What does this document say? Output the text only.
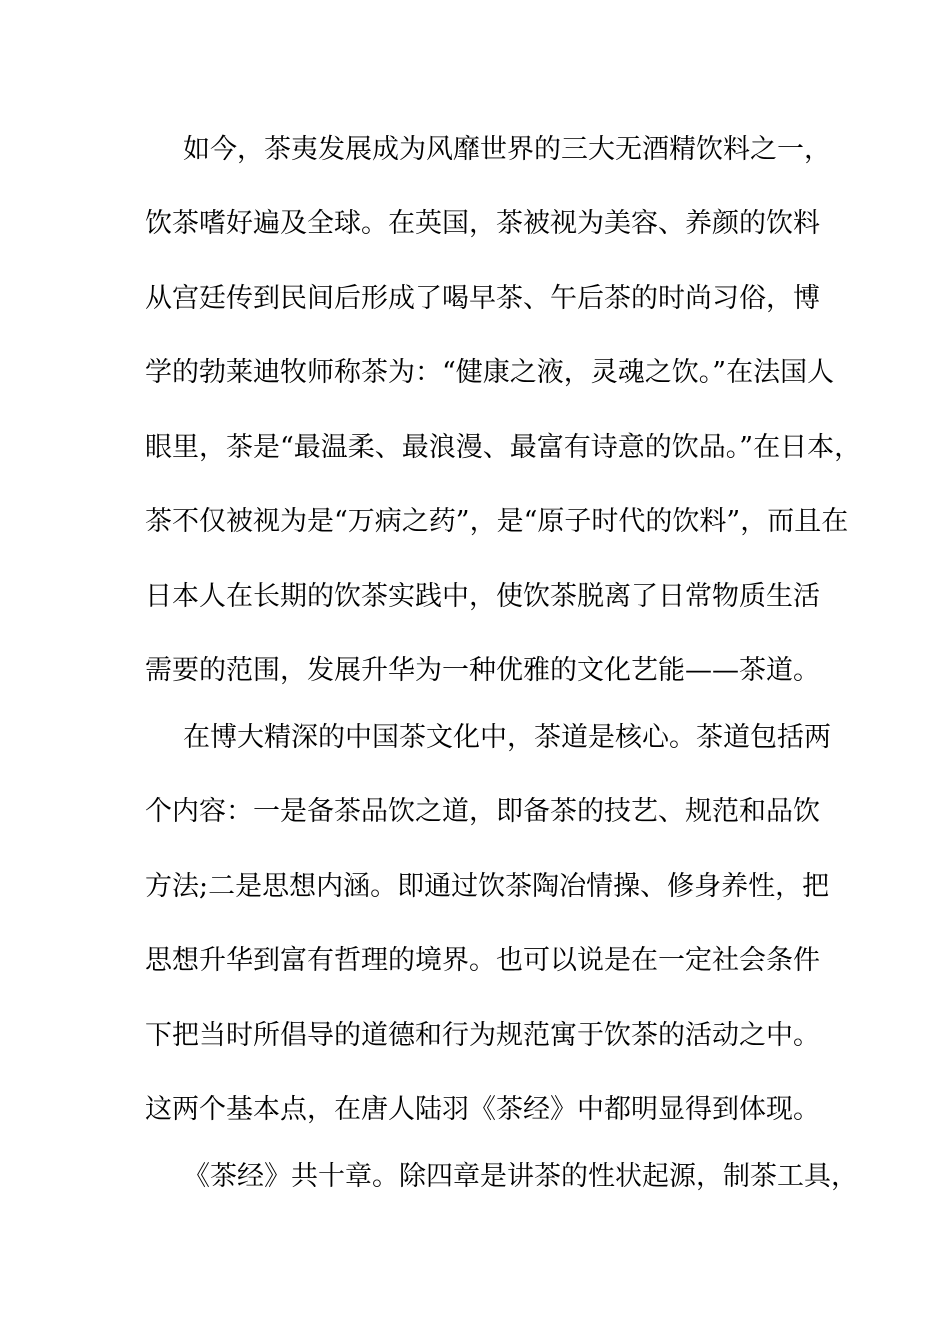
如今，茶夷发展成为风靡世界的三大无酒精饮料之一，
饮茶嗜好遍及全球。在英国，茶被视为美容、养颜的饮料
从宫廷传到民间后形成了喝早茶、午后茶的时尚习俗，博
学的勃莱迪牧师称茶为：“健康之液，灵魂之饮。”在法国人
眼里，茶是“最温柔、最浪漫、最富有诗意的饮品。”在日本，
茶不仅被视为是“万病之药”，是“原子时代的饮料”，而且在
日本人在长期的饮茶实践中，使饮茶脱离了日常物质生活
需要的范围，发展升华为一种优雅的文化艺能——茶道。
在博大精深的中国茶文化中，茶道是核心。茶道包括两
个内容：一是备茶品饮之道，即备茶的技艺、规范和品饮
方法;二是思想内涵。即通过饮茶陶冶情操、修身养性，把
思想升华到富有哲理的境界。也可以说是在一定社会条件
下把当时所倡导的道德和行为规范寓于饮茶的活动之中。
这两个基本点，在唐人陆羽《茶经》中都明显得到体现。
《茶经》共十章。除四章是讲茶的性状起源，制茶工具，
